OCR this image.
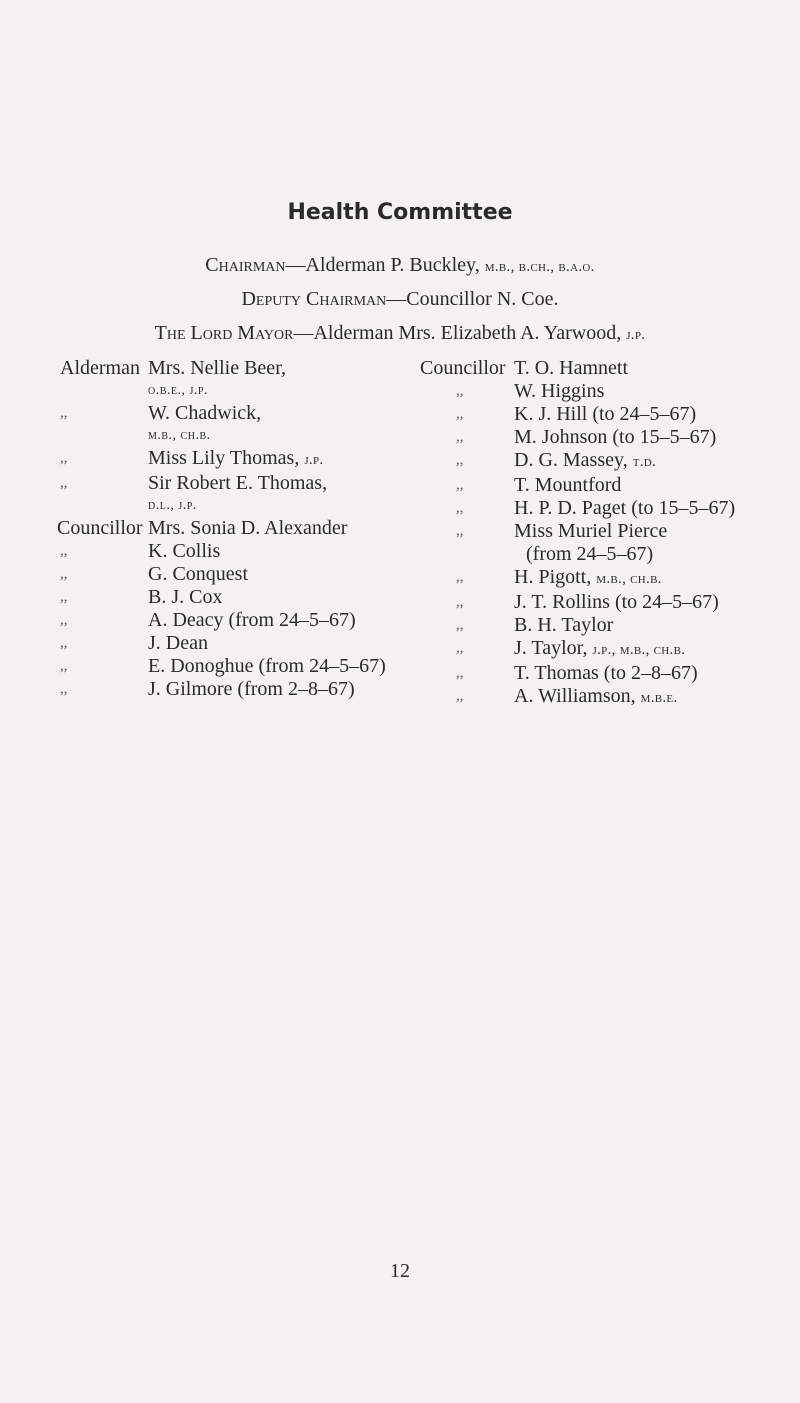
Health Committee
Chairman—Alderman P. Buckley, m.b., b.ch., b.a.o.
Deputy Chairman—Councillor N. Coe.
The Lord Mayor—Alderman Mrs. Elizabeth A. Yarwood, j.p.
Alderman Mrs. Nellie Beer,
o.b.e., j.p.
,,	W. Chadwick,
m.b., ch.b.
,,	Miss Lily Thomas, j.p.
,,	Sir Robert E. Thomas,
d.l., j.p.
Councillor Mrs. Sonia D. Alexander
,,	K. Collis
,,	G. Conquest
,,	B. J. Cox
,,	A. Deacy (from 24–5–67)
,,	J. Dean
,,	E. Donoghue (from 24–5–67)
,,	J. Gilmore (from 2–8–67)
Councillor T. O. Hamnett
,,	W. Higgins
,,	K. J. Hill (to 24–5–67)
,,	M. Johnson (to 15–5–67)
,,	D. G. Massey, t.d.
,,	T. Mountford
,,	H. P. D. Paget (to 15–5–67)
,,	Miss Muriel Pierce
(from 24–5–67)
,,	H. Pigott, m.b., ch.b.
,,	J. T. Rollins (to 24–5–67)
,,	B. H. Taylor
,,	J. Taylor, j.p., m.b., ch.b.
,,	T. Thomas (to 2–8–67)
,,	A. Williamson, m.b.e.
12
